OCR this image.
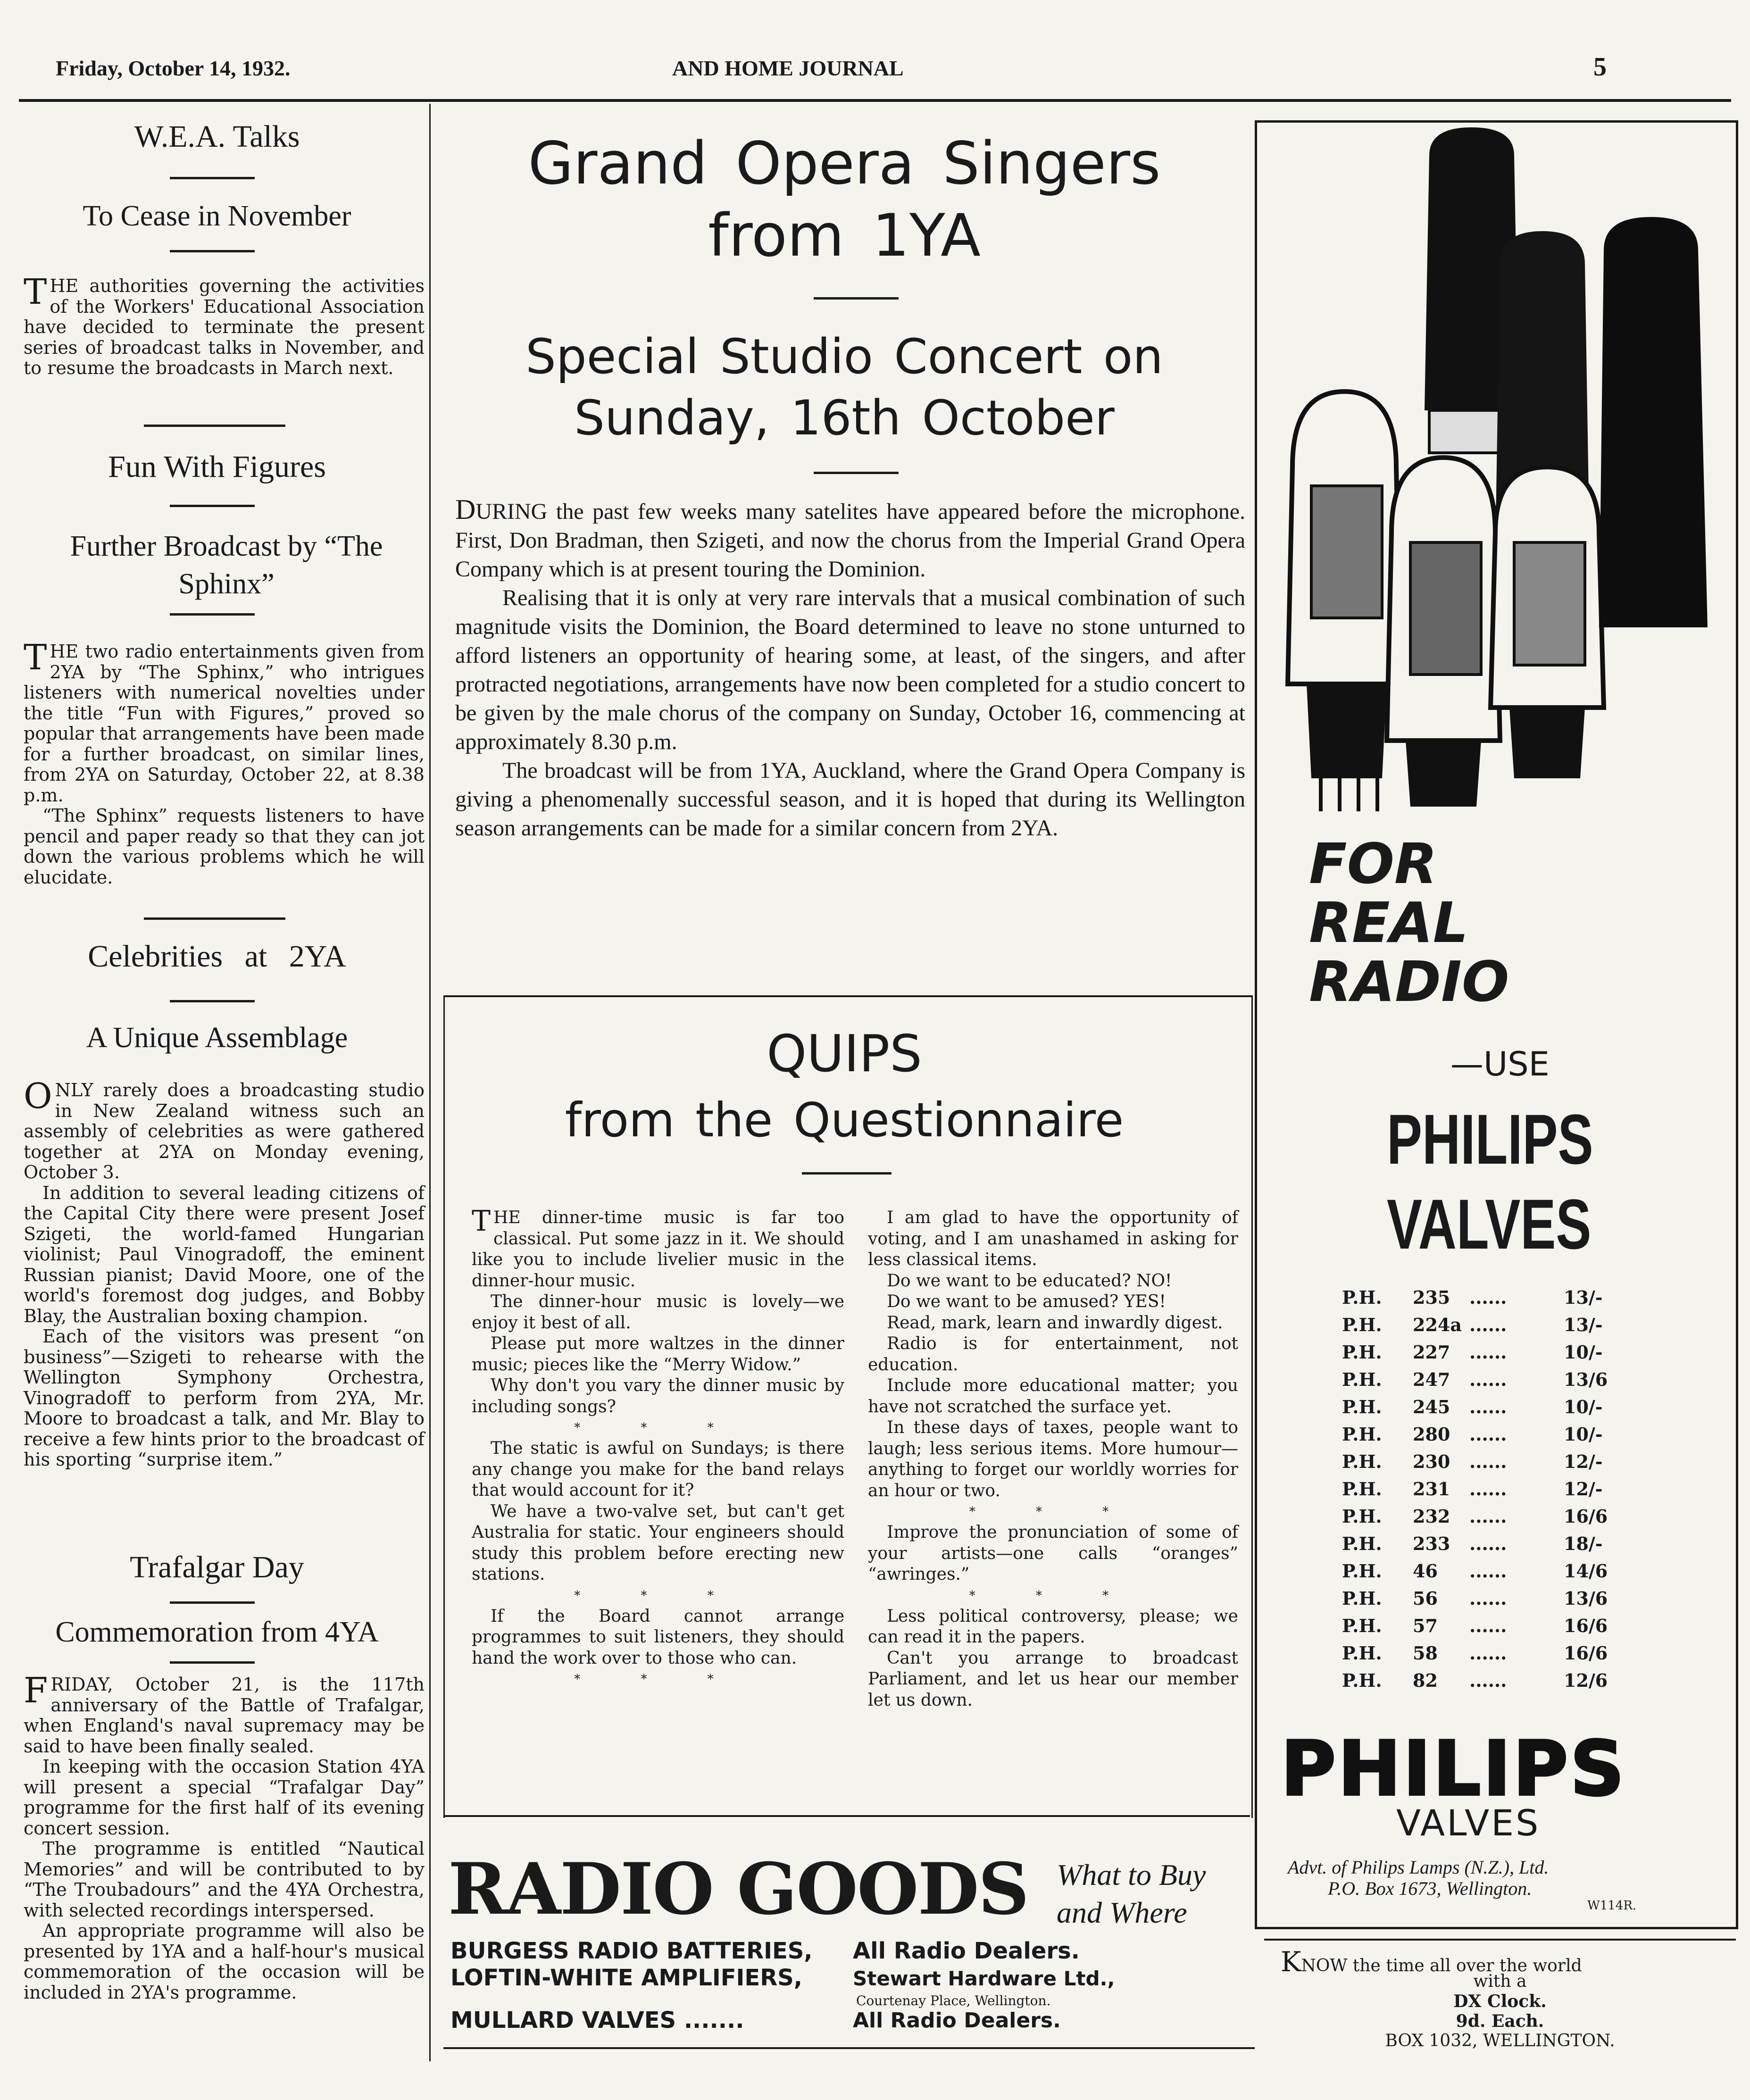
Friday, October 14, 1932.	AND HOME JOURNAL	5
W.E.A. Talks
To Cease in November

THE authorities governing the activities of the Workers' Educational Association have decided to terminate the present series of broadcast talks in November, and to resume the broadcasts in March next.

Fun With Figures
Further Broadcast by “The Sphinx”

THE two radio entertainments given from 2YA by “The Sphinx,” who intrigues listeners with numerical novelties under the title “Fun with Figures,” proved so popular that arrangements have been made for a further broadcast, on similar lines, from 2YA on Saturday, October 22, at 8.38 p.m.

“The Sphinx” requests listeners to have pencil and paper ready so that they can jot down the various problems which he will elucidate.

Celebrities at 2YA
A Unique Assemblage

ONLY rarely does a broadcasting studio in New Zealand witness such an assembly of celebrities as were gathered together at 2YA on Monday evening, October 3.

In addition to several leading citizens of the Capital City there were present Josef Szigeti, the world-famed Hungarian violinist; Paul Vinogradoff, the eminent Russian pianist; David Moore, one of the world's foremost dog judges, and Bobby Blay, the Australian boxing champion.

Each of the visitors was present “on business”—Szigeti to rehearse with the Wellington Symphony Orchestra, Vinogradoff to perform from 2YA, Mr. Moore to broadcast a talk, and Mr. Blay to receive a few hints prior to the broadcast of his sporting “surprise item.”

Trafalgar Day
Commemoration from 4YA

FRIDAY, October 21, is the 117th anniversary of the Battle of Trafalgar, when England's naval supremacy may be said to have been finally sealed.

In keeping with the occasion Station 4YA will present a special “Trafalgar Day” programme for the first half of its evening concert session.

The programme is entitled “Nautical Memories” and will be contributed to by “The Troubadours” and the 4YA Orchestra, with selected recordings interspersed.

An appropriate programme will also be presented by 1YA and a half-hour's musical commemoration of the occasion will be included in 2YA's programme.

Grand Opera Singers
from 1YA
Special Studio Concert on
Sunday, 16th October

DURING the past few weeks many satelites have appeared before the microphone. First, Don Bradman, then Szigeti, and now the chorus from the Imperial Grand Opera Company which is at present touring the Dominion.

Realising that it is only at very rare intervals that a musical combination of such magnitude visits the Dominion, the Board determined to leave no stone unturned to afford listeners an opportunity of hearing some, at least, of the singers, and after protracted negotiations, arrangements have now been completed for a studio concert to be given by the male chorus of the company on Sunday, October 16, commencing at approximately 8.30 p.m.

The broadcast will be from 1YA, Auckland, where the Grand Opera Company is giving a phenomenally successful season, and it is hoped that during its Wellington season arrangements can be made for a similar concern from 2YA.

QUIPS
from the Questionnaire

THE dinner-time music is far too classical. Put some jazz in it. We should like you to include livelier music in the dinner-hour music.

The dinner-hour music is lovely—we enjoy it best of all.

Please put more waltzes in the dinner music; pieces like the “Merry Widow.”

Why don't you vary the dinner music by including songs?

* * *

The static is awful on Sundays; is there any change you make for the band relays that would account for it?

We have a two-valve set, but can't get Australia for static. Your engineers should study this problem before erecting new stations.

* * *

If the Board cannot arrange programmes to suit listeners, they should hand the work over to those who can.

* * *

I am glad to have the opportunity of voting, and I am unashamed in asking for less classical items.

Do we want to be educated? NO!

Do we want to be amused? YES!

Read, mark, learn and inwardly digest.

Radio is for entertainment, not education.

Include more educational matter; you have not scratched the surface yet.

In these days of taxes, people want to laugh; less serious items. More humour—anything to forget our worldly worries for an hour or two.

* * *

Improve the pronunciation of some of your artists—one calls “oranges” “awringes.”

* * *

Less political controversy, please; we can read it in the papers.

Can't you arrange to broadcast Parliament, and let us hear our member let us down.

RADIO GOODS What to Buy
and Where
BURGESS RADIO BATTERIES, All Radio Dealers.
LOFTIN-WHITE AMPLIFIERS,	Stewart Hardware Ltd.,
Courtenay Place, Wellington.
MULLARD VALVES .......	All Radio Dealers.
FOR
REAL
RADIO
—USE
PHILIPS
VALVES
P.H. 235 ......	13/-
P.H. 224a ......	13/-
P.H. 227 ......	10/-
P.H. 247 ......	13/6
P.H. 245 ......	10/-
P.H. 280 ......	10/-
P.H. 230 ......	12/-
P.H. 231 ......	12/-
P.H. 232 ......	16/6
P.H. 233 ......	18/-
P.H. 46 ......	14/6
P.H. 56 ......	13/6
P.H. 57 ......	16/6
P.H. 58 ......	16/6
P.H. 82 ......	12/6
PHILIPS
VALVES
Advt. of Philips Lamps (N.Z.), Ltd.
P.O. Box 1673, Wellington.
W114R.
KNOW the time all over the world
with a
DX Clock.
9d. Each.
BOX 1032, WELLINGTON.
